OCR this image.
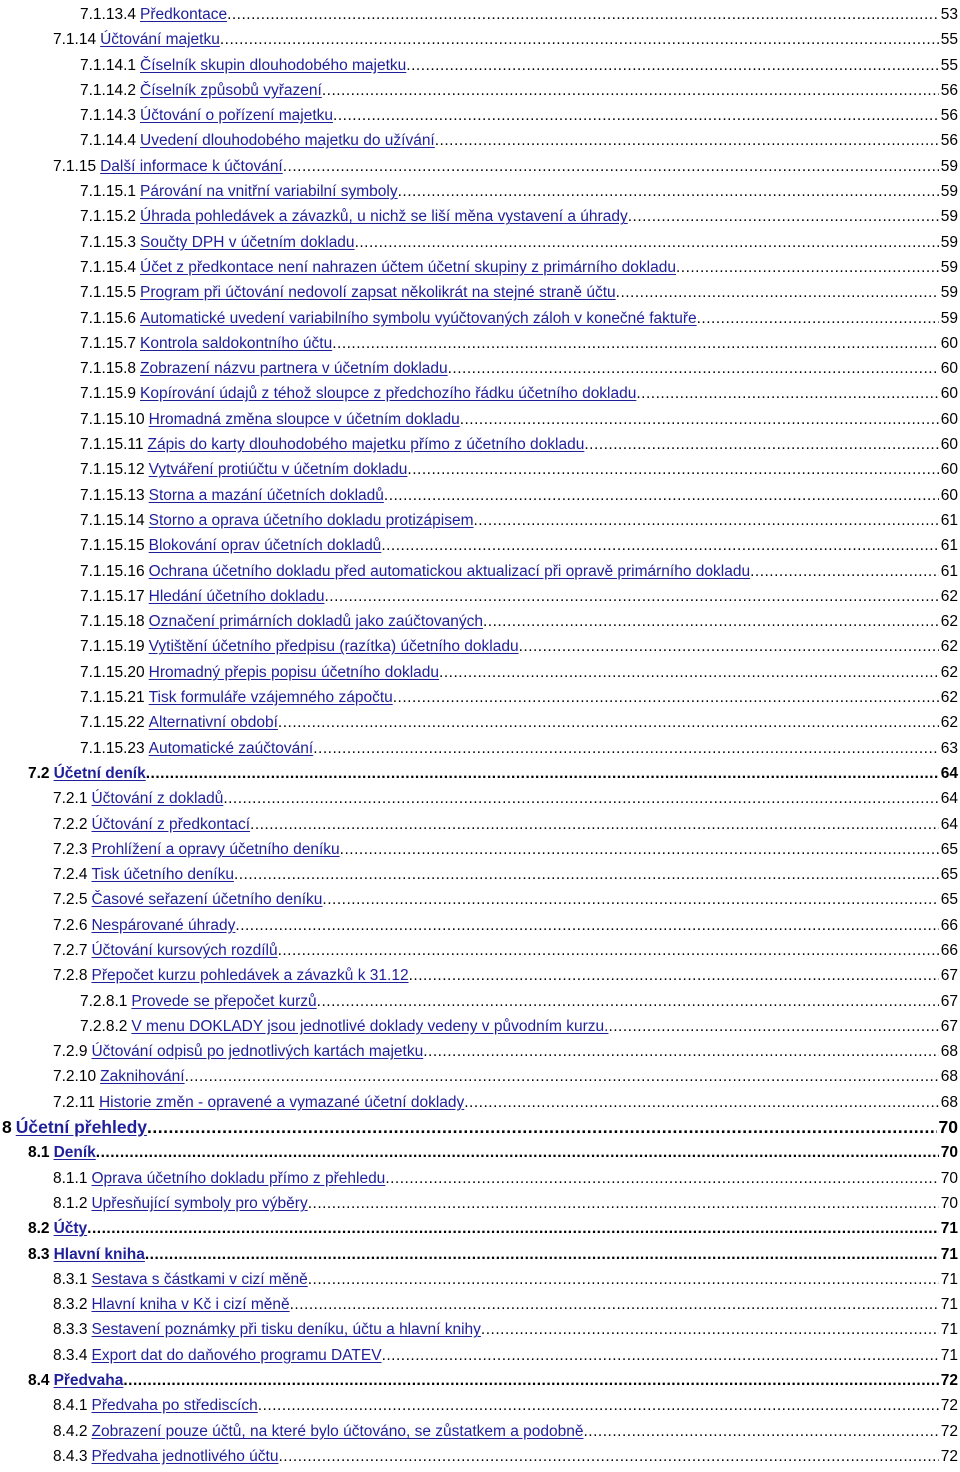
7.1.13.4 Předkontace .....	53
7.1.14 Účtování majetku .....	55
7.1.14.1 Číselník skupin dlouhodobého majetku .....	55
7.1.14.2 Číselník způsobů vyřazení .....	56
7.1.14.3 Účtování o pořízení majetku .....	56
7.1.14.4 Uvedení dlouhodobého majetku do užívání .....	56
7.1.15 Další informace k účtování .....	59
7.1.15.1 Párování na vnitřní variabilní symboly .....	59
7.1.15.2 Úhrada pohledávek a závazků, u nichž se liší měna vystavení a úhrady .....	59
7.1.15.3 Součty DPH v účetním dokladu .....	59
7.1.15.4 Účet z předkontace není nahrazen účtem účetní skupiny z primárního dokladu .....	59
7.1.15.5 Program při účtování nedovolí zapsat několikrát na stejné straně účtu .....	59
7.1.15.6 Automatické uvedení variabilního symbolu vyúčtovaných záloh v konečné faktuře .....	59
7.1.15.7 Kontrola saldokontního účtu .....	60
7.1.15.8 Zobrazení názvu partnera v účetním dokladu .....	60
7.1.15.9 Kopírování údajů z téhož sloupce z předchozího řádku účetního dokladu .....	60
7.1.15.10 Hromadná změna sloupce v účetním dokladu .....	60
7.1.15.11 Zápis do karty dlouhodobého majetku přímo z účetního dokladu .....	60
7.1.15.12 Vytváření protiúčtu v účetním dokladu .....	60
7.1.15.13 Storna a mazání účetních dokladů .....	60
7.1.15.14 Storno a oprava účetního dokladu protizápisem .....	61
7.1.15.15 Blokování oprav účetních dokladů .....	61
7.1.15.16 Ochrana účetního dokladu před automatickou aktualizací při opravě primárního dokladu .....	61
7.1.15.17 Hledání účetního dokladu .....	62
7.1.15.18 Označení primárních dokladů jako zaúčtovaných .....	62
7.1.15.19 Vytištění účetního předpisu (razítka) účetního dokladu .....	62
7.1.15.20 Hromadný přepis popisu účetního dokladu .....	62
7.1.15.21 Tisk formuláře vzájemného zápočtu .....	62
7.1.15.22 Alternativní období .....	62
7.1.15.23 Automatické zaúčtování .....	63
7.2 Účetní deník .....	64
7.2.1 Účtování z dokladů .....	64
7.2.2 Účtování z předkontací .....	64
7.2.3 Prohlížení a opravy účetního deníku .....	65
7.2.4 Tisk účetního deníku .....	65
7.2.5 Časové seřazení účetního deníku .....	65
7.2.6 Nespárované úhrady .....	66
7.2.7 Účtování kursových rozdílů .....	66
7.2.8 Přepočet kurzu pohledávek a závazků k 31.12 .....	67
7.2.8.1 Provede se přepočet kurzů .....	67
7.2.8.2 V menu DOKLADY jsou jednotlivé doklady vedeny v původním kurzu. .....	67
7.2.9 Účtování odpisů po jednotlivých kartách majetku .....	68
7.2.10 Zaknihování .....	68
7.2.11 Historie změn - opravené a vymazané účetní doklady .....	68
8 Účetní přehledy .....	70
8.1 Deník .....	70
8.1.1 Oprava účetního dokladu přímo z přehledu .....	70
8.1.2 Upřesňující symboly pro výběry .....	70
8.2 Účty .....	71
8.3 Hlavní kniha .....	71
8.3.1 Sestava s částkami v cizí měně .....	71
8.3.2 Hlavní kniha v Kč i cizí měně .....	71
8.3.3 Sestavení poznámky při tisku deníku, účtu a hlavní knihy .....	71
8.3.4 Export dat do daňového programu DATEV .....	71
8.4 Předvaha .....	72
8.4.1 Předvaha po střediscích .....	72
8.4.2 Zobrazení pouze účtů, na které bylo účtováno, se zůstatkem a podobně .....	72
8.4.3 Předvaha jednotlivého účtu .....	72
